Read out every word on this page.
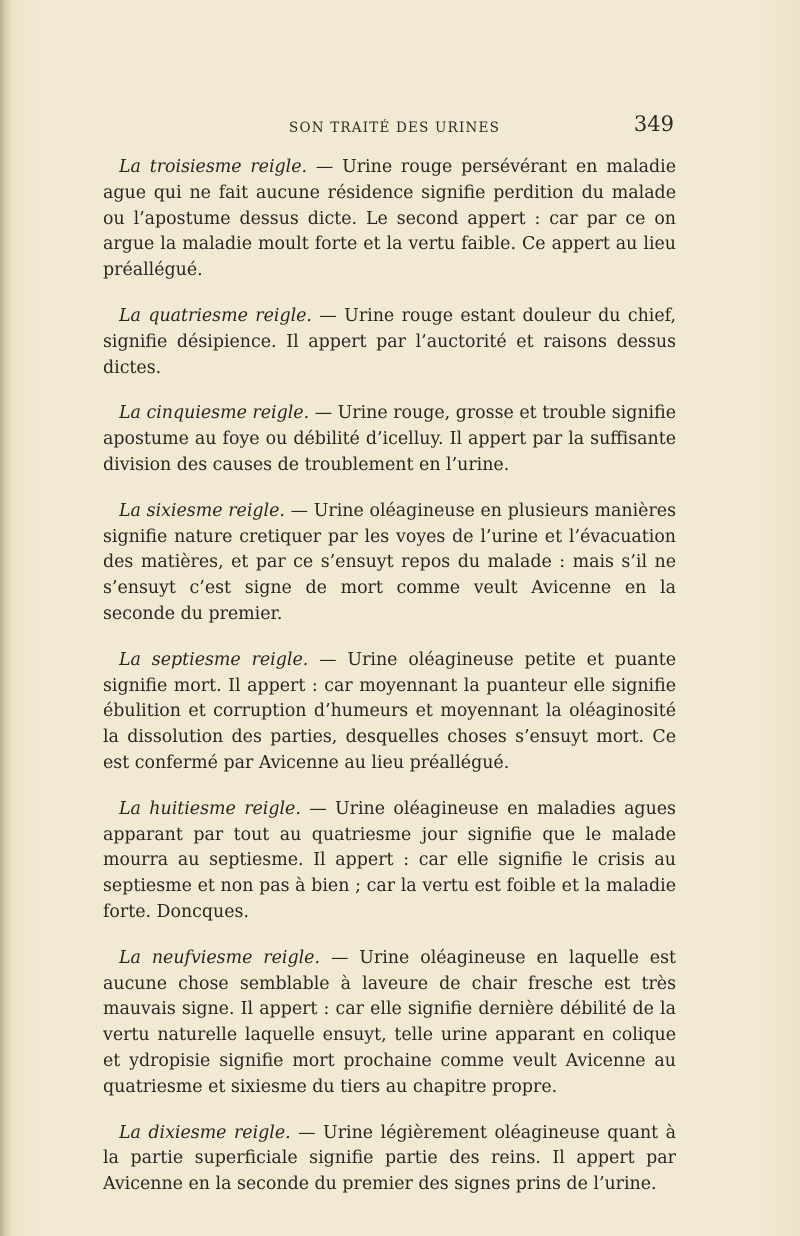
SON TRAITÉ DES URINES	349

La troisiesme reigle. — Urine rouge persévérant en maladie ague qui ne fait aucune résidence signifie perdition du malade ou l’apostume dessus dicte. Le second appert : car par ce on argue la maladie moult forte et la vertu faible. Ce appert au lieu préallégué.

La quatriesme reigle. — Urine rouge estant douleur du chief, signifie désipience. Il appert par l’auctorité et raisons dessus dictes.

La cinquiesme reigle. — Urine rouge, grosse et trouble signifie apostume au foye ou débilité d’icelluy. Il appert par la suffisante division des causes de troublement en l’urine.

La sixiesme reigle. — Urine oléagineuse en plusieurs manières signifie nature cretiquer par les voyes de l’urine et l’évacuation des matières, et par ce s’ensuyt repos du malade : mais s’il ne s’ensuyt c’est signe de mort comme veult Avicenne en la seconde du premier.

La septiesme reigle. — Urine oléagineuse petite et puante signifie mort. Il appert : car moyennant la puanteur elle signifie ébulition et corruption d’humeurs et moyennant la oléaginosité la dissolution des parties, desquelles choses s’ensuyt mort. Ce est confermé par Avicenne au lieu préallégué.

La huitiesme reigle. — Urine oléagineuse en maladies agues apparant par tout au quatriesme jour signifie que le malade mourra au septiesme. Il appert : car elle signifie le crisis au septiesme et non pas à bien ; car la vertu est foible et la maladie forte. Doncques.

La neufviesme reigle. — Urine oléagineuse en laquelle est aucune chose semblable à laveure de chair fresche est très mauvais signe. Il appert : car elle signifie dernière débilité de la vertu naturelle laquelle ensuyt, telle urine apparant en colique et ydropisie signifie mort prochaine comme veult Avicenne au quatriesme et sixiesme du tiers au chapitre propre.

La dixiesme reigle. — Urine légièrement oléagineuse quant à la partie superficiale signifie partie des reins. Il appert par Avicenne en la seconde du premier des signes prins de l’urine.
